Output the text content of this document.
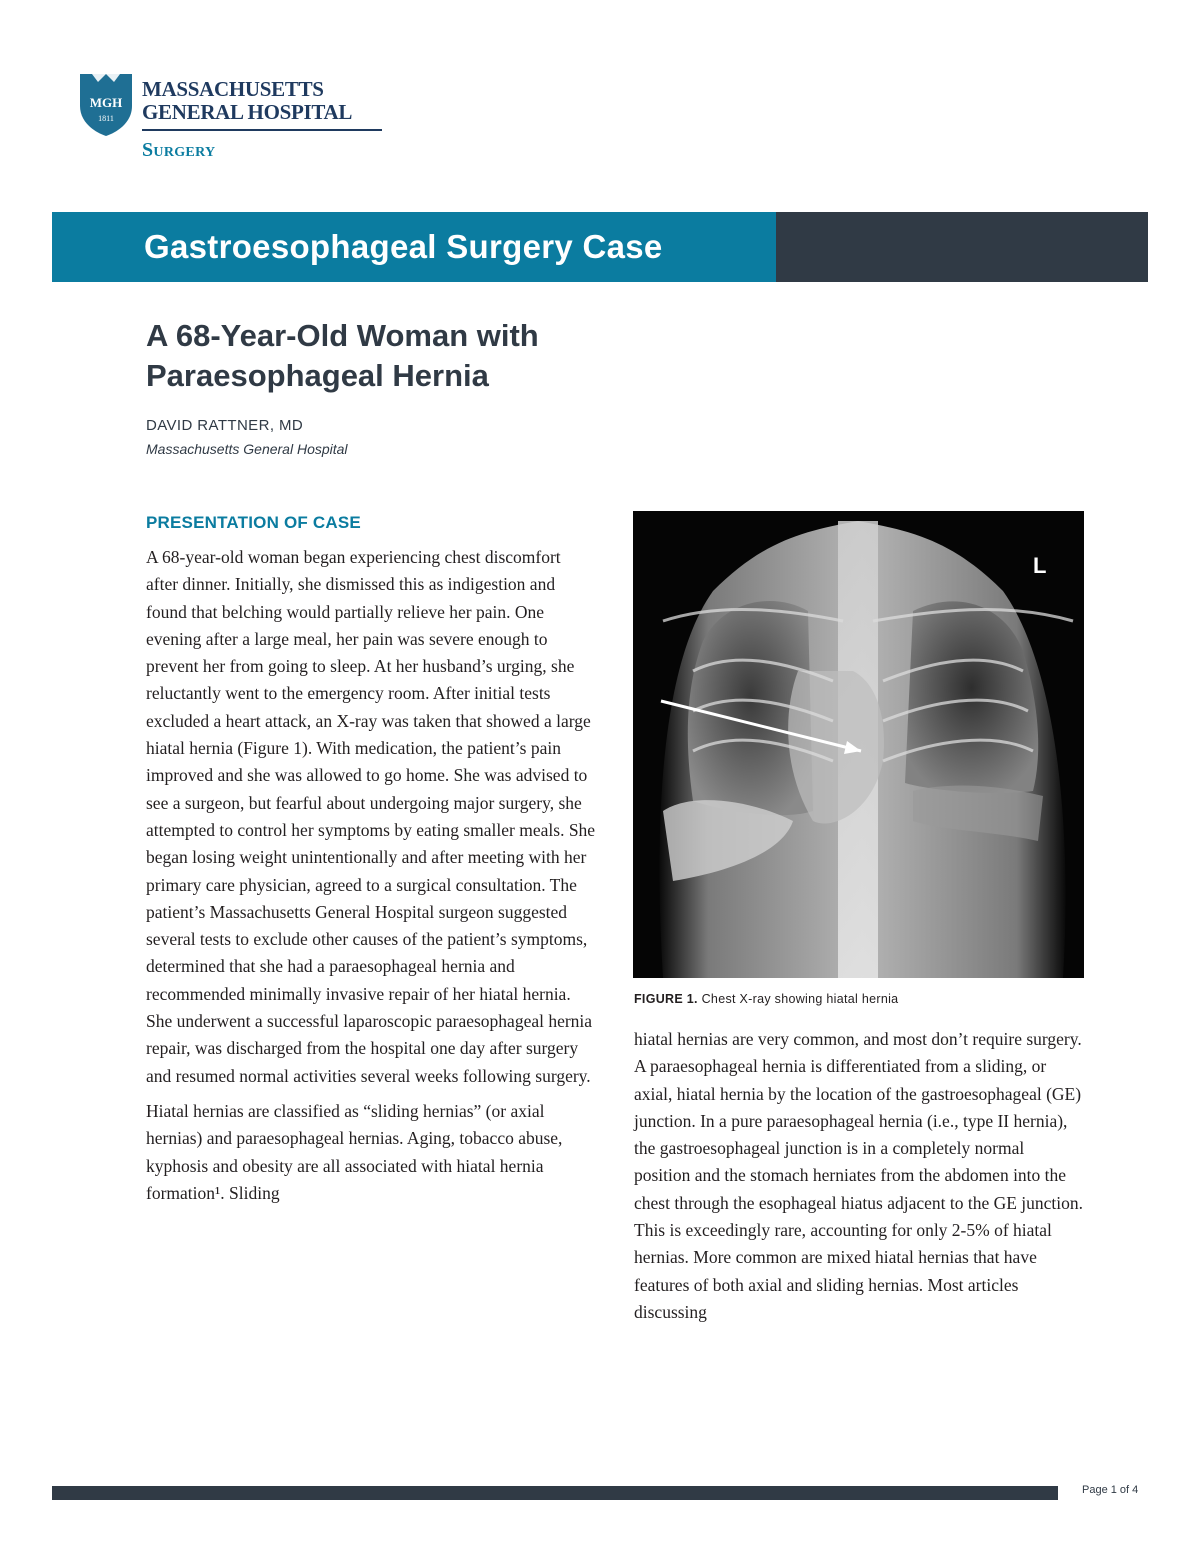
MGH
1811
MASSACHUSETTS
GENERAL HOSPITAL
Surgery
Gastroesophageal Surgery Case
A 68-Year-Old Woman with
Paraesophageal Hernia
DAVID RATTNER, MD
Massachusetts General Hospital
PRESENTATION OF CASE

A 68-year-old woman began experiencing chest discomfort after dinner. Initially, she dismissed this as indigestion and found that belching would partially relieve her pain. One evening after a large meal, her pain was severe enough to prevent her from going to sleep. At her husband’s urging, she reluctantly went to the emergency room. After initial tests excluded a heart attack, an X-ray was taken that showed a large hiatal hernia (Figure 1). With medication, the patient’s pain improved and she was allowed to go home. She was advised to see a surgeon, but fearful about undergoing major surgery, she attempted to control her symptoms by eating smaller meals. She began losing weight unintentionally and after meeting with her primary care physician, agreed to a surgical consultation. The patient’s Massachusetts General Hospital surgeon suggested several tests to exclude other causes of the patient’s symptoms, determined that she had a paraesophageal hernia and recommended minimally invasive repair of her hiatal hernia. She underwent a successful laparoscopic paraesophageal hernia repair, was discharged from the hospital one day after surgery and resumed normal activities several weeks following surgery.

Hiatal hernias are classified as “sliding hernias” (or axial hernias) and paraesophageal hernias. Aging, tobacco abuse, kyphosis and obesity are all associated with hiatal hernia formation¹. Sliding

L
FIGURE 1. Chest X-ray showing hiatal hernia

hiatal hernias are very common, and most don’t require surgery. A paraesophageal hernia is differentiated from a sliding, or axial, hiatal hernia by the location of the gastroesophageal (GE) junction. In a pure paraesophageal hernia (i.e., type II hernia), the gastroesophageal junction is in a completely normal position and the stomach herniates from the abdomen into the chest through the esophageal hiatus adjacent to the GE junction. This is exceedingly rare, accounting for only 2-5% of hiatal hernias. More common are mixed hiatal hernias that have features of both axial and sliding hernias. Most articles discussing

Page 1 of 4
